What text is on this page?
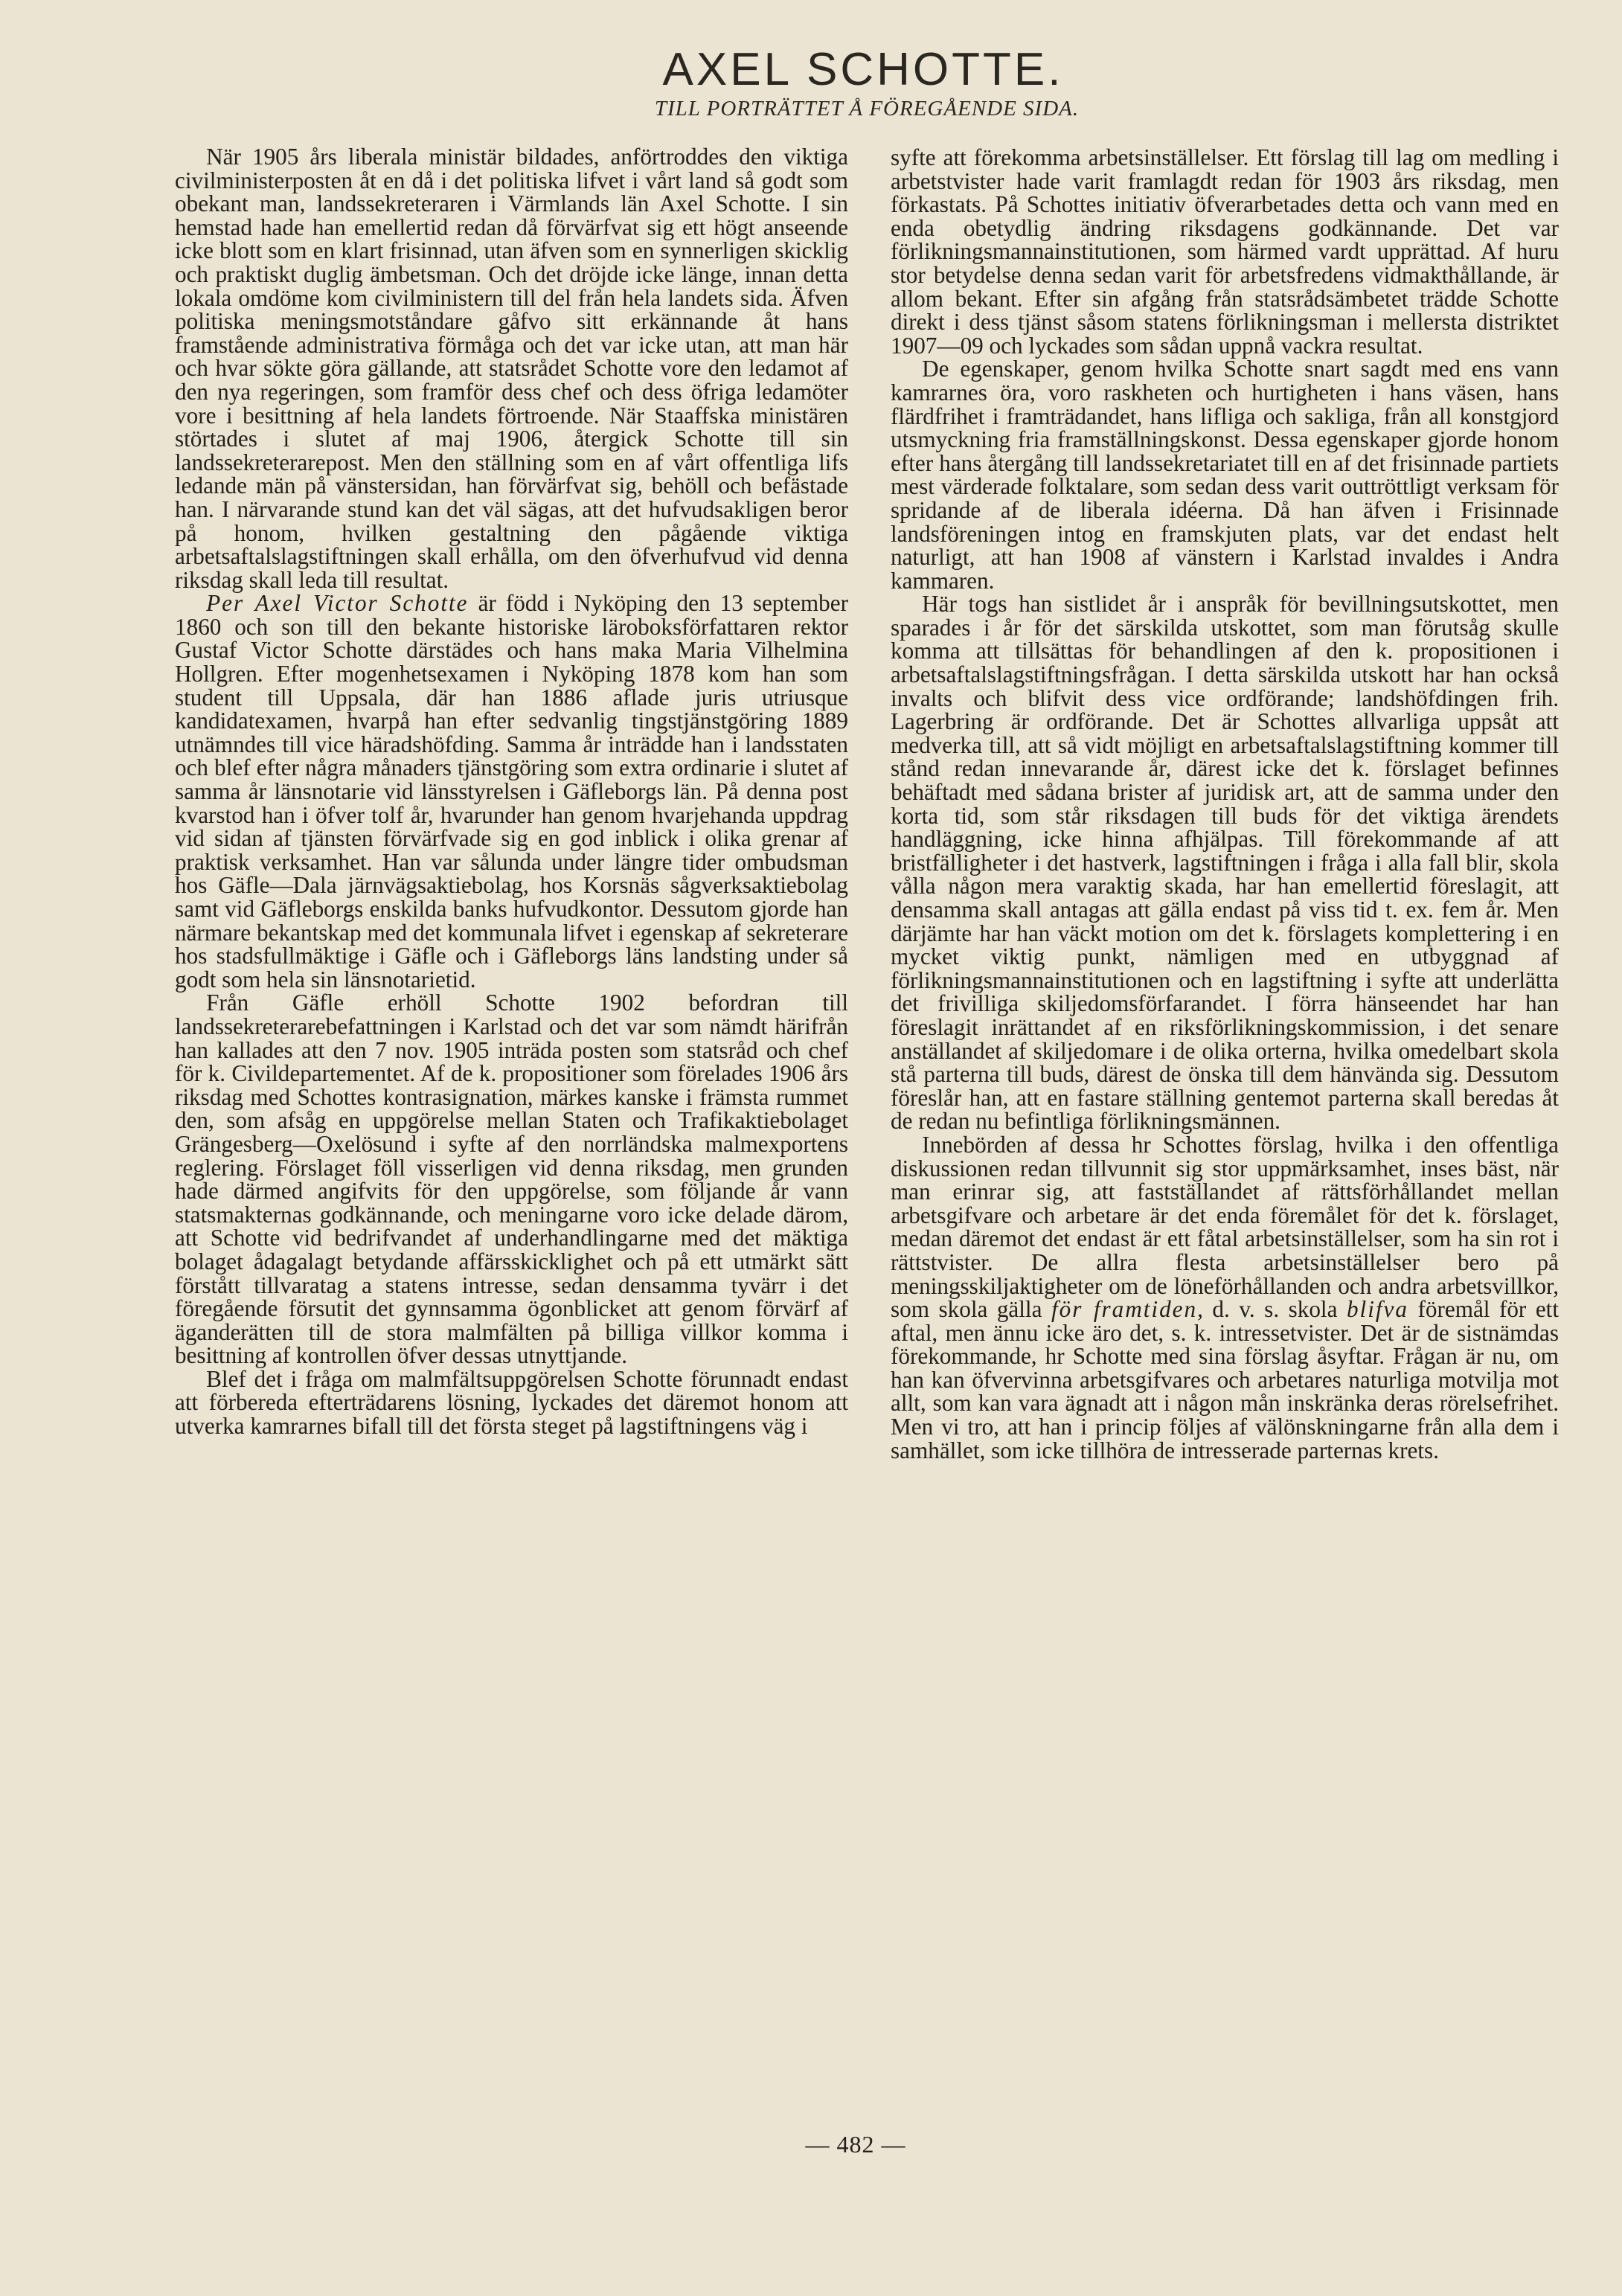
AXEL SCHOTTE.
TILL PORTRÄTTET Å FÖREGÅENDE SIDA.

När 1905 års liberala ministär bildades, anförtroddes den viktiga civilministerposten åt en då i det politiska lifvet i vårt land så godt som obekant man, landssekreteraren i Värmlands län Axel Schotte. I sin hemstad hade han emellertid redan då förvärfvat sig ett högt anseende icke blott som en klart frisinnad, utan äfven som en synnerligen skicklig och praktiskt duglig ämbetsman. Och det dröjde icke länge, innan detta lokala omdöme kom civilministern till del från hela landets sida. Äfven politiska meningsmotståndare gåfvo sitt erkännande åt hans framstående administrativa förmåga och det var icke utan, att man här och hvar sökte göra gällande, att statsrådet Schotte vore den ledamot af den nya regeringen, som framför dess chef och dess öfriga ledamöter vore i besittning af hela landets förtroende. När Staaffska ministären störtades i slutet af maj 1906, återgick Schotte till sin landssekreterarepost. Men den ställning som en af vårt offentliga lifs ledande män på vänstersidan, han förvärfvat sig, behöll och befästade han. I närvarande stund kan det väl sägas, att det hufvudsakligen beror på honom, hvilken gestaltning den pågående viktiga arbetsaftalslagstiftningen skall erhålla, om den öfverhufvud vid denna riksdag skall leda till resultat.

Per Axel Victor Schotte är född i Nyköping den 13 september 1860 och son till den bekante historiske läroboksförfattaren rektor Gustaf Victor Schotte därstädes och hans maka Maria Vilhelmina Hollgren. Efter mogenhetsexamen i Nyköping 1878 kom han som student till Uppsala, där han 1886 aflade juris utriusque kandidatexamen, hvarpå han efter sedvanlig tingstjänstgöring 1889 utnämndes till vice häradshöfding. Samma år inträdde han i landsstaten och blef efter några månaders tjänstgöring som extra ordinarie i slutet af samma år länsnotarie vid länsstyrelsen i Gäfleborgs län. På denna post kvarstod han i öfver tolf år, hvarunder han genom hvarjehanda uppdrag vid sidan af tjänsten förvärfvade sig en god inblick i olika grenar af praktisk verksamhet. Han var sålunda under längre tider ombudsman hos Gäfle—Dala järnvägsaktiebolag, hos Korsnäs sågverksaktiebolag samt vid Gäfleborgs enskilda banks hufvudkontor. Dessutom gjorde han närmare bekantskap med det kommunala lifvet i egenskap af sekreterare hos stadsfullmäktige i Gäfle och i Gäfleborgs läns landsting under så godt som hela sin länsnotarietid.

Från Gäfle erhöll Schotte 1902 befordran till landssekreterarebefattningen i Karlstad och det var som nämdt härifrån han kallades att den 7 nov. 1905 inträda posten som statsråd och chef för k. Civildepartementet. Af de k. propositioner som förelades 1906 års riksdag med Schottes kontrasignation, märkes kanske i främsta rummet den, som afsåg en uppgörelse mellan Staten och Trafikaktiebolaget Grängesberg—Oxelösund i syfte af den norrländska malmexportens reglering. Förslaget föll visserligen vid denna riksdag, men grunden hade därmed angifvits för den uppgörelse, som följande år vann statsmakternas godkännande, och meningarne voro icke delade därom, att Schotte vid bedrifvandet af underhandlingarne med det mäktiga bolaget ådagalagt betydande affärsskicklighet och på ett utmärkt sätt förstått tillvaratag a statens intresse, sedan densamma tyvärr i det föregående försutit det gynnsamma ögonblicket att genom förvärf af äganderätten till de stora malmfälten på billiga villkor komma i besittning af kontrollen öfver dessas utnyttjande.

Blef det i fråga om malmfältsuppgörelsen Schotte förunnadt endast att förbereda efterträdarens lösning, lyckades det däremot honom att utverka kamrarnes bifall till det första steget på lagstiftningens väg i

syfte att förekomma arbetsinställelser. Ett förslag till lag om medling i arbetstvister hade varit framlagdt redan för 1903 års riksdag, men förkastats. På Schottes initiativ öfverarbetades detta och vann med en enda obetydlig ändring riksdagens godkännande. Det var förlikningsmannainstitutionen, som härmed vardt upprättad. Af huru stor betydelse denna sedan varit för arbetsfredens vidmakthållande, är allom bekant. Efter sin afgång från statsrådsämbetet trädde Schotte direkt i dess tjänst såsom statens förlikningsman i mellersta distriktet 1907—09 och lyckades som sådan uppnå vackra resultat.

De egenskaper, genom hvilka Schotte snart sagdt med ens vann kamrarnes öra, voro raskheten och hurtigheten i hans väsen, hans flärdfrihet i framträdandet, hans lifliga och sakliga, från all konstgjord utsmyckning fria framställningskonst. Dessa egenskaper gjorde honom efter hans återgång till landssekretariatet till en af det frisinnade partiets mest värderade folktalare, som sedan dess varit outtröttligt verksam för spridande af de liberala idéerna. Då han äfven i Frisinnade landsföreningen intog en framskjuten plats, var det endast helt naturligt, att han 1908 af vänstern i Karlstad invaldes i Andra kammaren.

Här togs han sistlidet år i anspråk för bevillningsutskottet, men sparades i år för det särskilda utskottet, som man förutsåg skulle komma att tillsättas för behandlingen af den k. propositionen i arbetsaftalslagstiftningsfrågan. I detta särskilda utskott har han också invalts och blifvit dess vice ordförande; landshöfdingen frih. Lagerbring är ordförande. Det är Schottes allvarliga uppsåt att medverka till, att så vidt möjligt en arbetsaftalslagstiftning kommer till stånd redan innevarande år, därest icke det k. förslaget befinnes behäftadt med sådana brister af juridisk art, att de samma under den korta tid, som står riksdagen till buds för det viktiga ärendets handläggning, icke hinna afhjälpas. Till förekommande af att bristfälligheter i det hastverk, lagstiftningen i fråga i alla fall blir, skola vålla någon mera varaktig skada, har han emellertid föreslagit, att densamma skall antagas att gälla endast på viss tid t. ex. fem år. Men därjämte har han väckt motion om det k. förslagets komplettering i en mycket viktig punkt, nämligen med en utbyggnad af förlikningsmannainstitutionen och en lagstiftning i syfte att underlätta det frivilliga skiljedomsförfarandet. I förra hänseendet har han föreslagit inrättandet af en riksförlikningskommission, i det senare anställandet af skiljedomare i de olika orterna, hvilka omedelbart skola stå parterna till buds, därest de önska till dem hänvända sig. Dessutom föreslår han, att en fastare ställning gentemot parterna skall beredas åt de redan nu befintliga förlikningsmännen.

Innebörden af dessa hr Schottes förslag, hvilka i den offentliga diskussionen redan tillvunnit sig stor uppmärksamhet, inses bäst, när man erinrar sig, att fastställandet af rättsförhållandet mellan arbetsgifvare och arbetare är det enda föremålet för det k. förslaget, medan däremot det endast är ett fåtal arbetsinställelser, som ha sin rot i rättstvister. De allra flesta arbetsinställelser bero på meningsskiljaktigheter om de löneförhållanden och andra arbetsvillkor, som skola gälla för framtiden, d. v. s. skola blifva föremål för ett aftal, men ännu icke äro det, s. k. intressetvister. Det är de sistnämdas förekommande, hr Schotte med sina förslag åsyftar. Frågan är nu, om han kan öfvervinna arbetsgifvares och arbetares naturliga motvilja mot allt, som kan vara ägnadt att i någon mån inskränka deras rörelsefrihet. Men vi tro, att han i princip följes af välönskningarne från alla dem i samhället, som icke tillhöra de intresserade parternas krets.

— 482 —
